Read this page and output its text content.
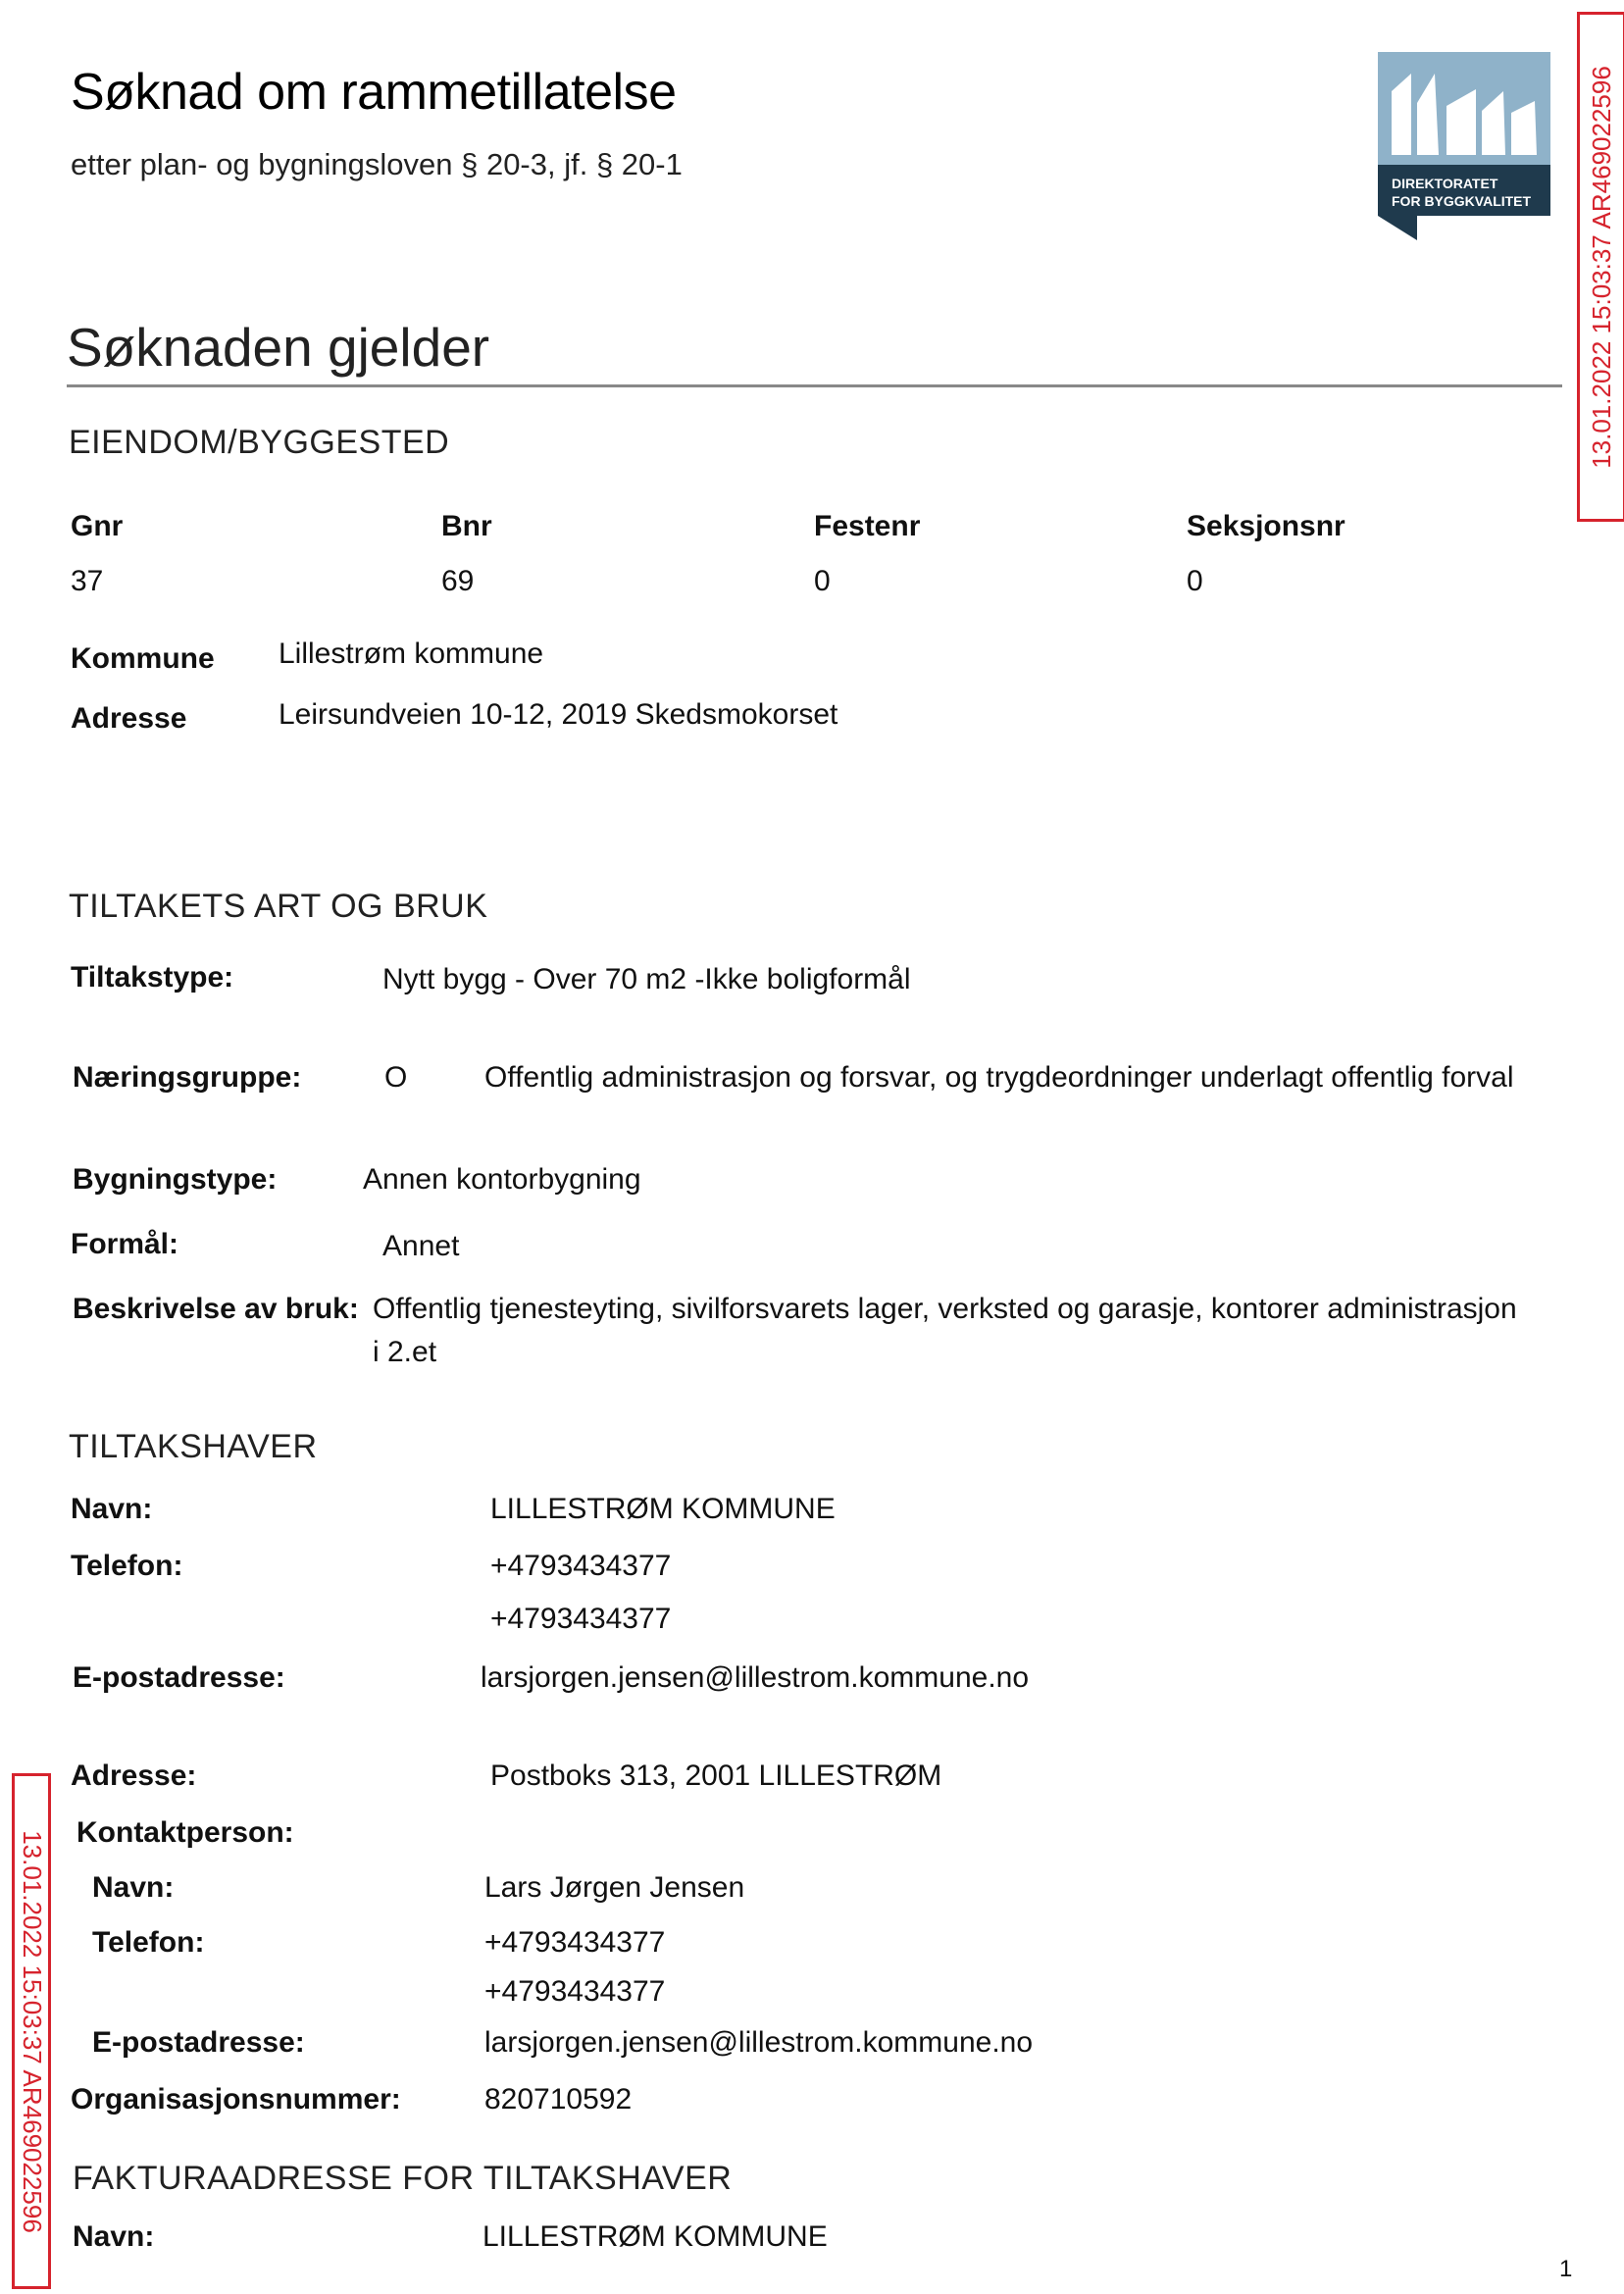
Søknad om rammetillatelse
etter plan- og bygningsloven § 20-3, jf. § 20-1
DIREKTORATET
FOR BYGGKVALITET 13.01.2022 15:03:37 AR469022596
13.01.2022 15:03:37 AR469022596
Søknaden gjelder
EIENDOM/BYGGESTED
Gnr	Bnr	Festenr	Seksjonsnr
37	69	0	0
Kommune Lillestrøm kommune
Adresse	Leirsundveien 10-12, 2019 Skedsmokorset
TILTAKETS ART OG BRUK
Tiltakstype:	Nytt bygg - Over 70 m2 -Ikke boligformål
Næringsgruppe:	O	Offentlig administrasjon og forsvar, og trygdeordninger underlagt offentlig forval
Bygningstype:	Annen kontorbygning
Formål:	Annet
Beskrivelse av bruk: Offentlig tjenesteyting, sivilforsvarets lager, verksted og garasje, kontorer administrasjon
i 2.et
TILTAKSHAVER
Navn:	LILLESTRØM KOMMUNE
Telefon:	+4793434377
+4793434377
E-postadresse:	larsjorgen.jensen@lillestrom.kommune.no
Adresse:	Postboks 313, 2001 LILLESTRØM
Kontaktperson:
Navn:	Lars Jørgen Jensen
Telefon:	+4793434377
+4793434377
E-postadresse:	larsjorgen.jensen@lillestrom.kommune.no
Organisasjonsnummer:	820710592
FAKTURAADRESSE FOR TILTAKSHAVER
Navn:	LILLESTRØM KOMMUNE
1
